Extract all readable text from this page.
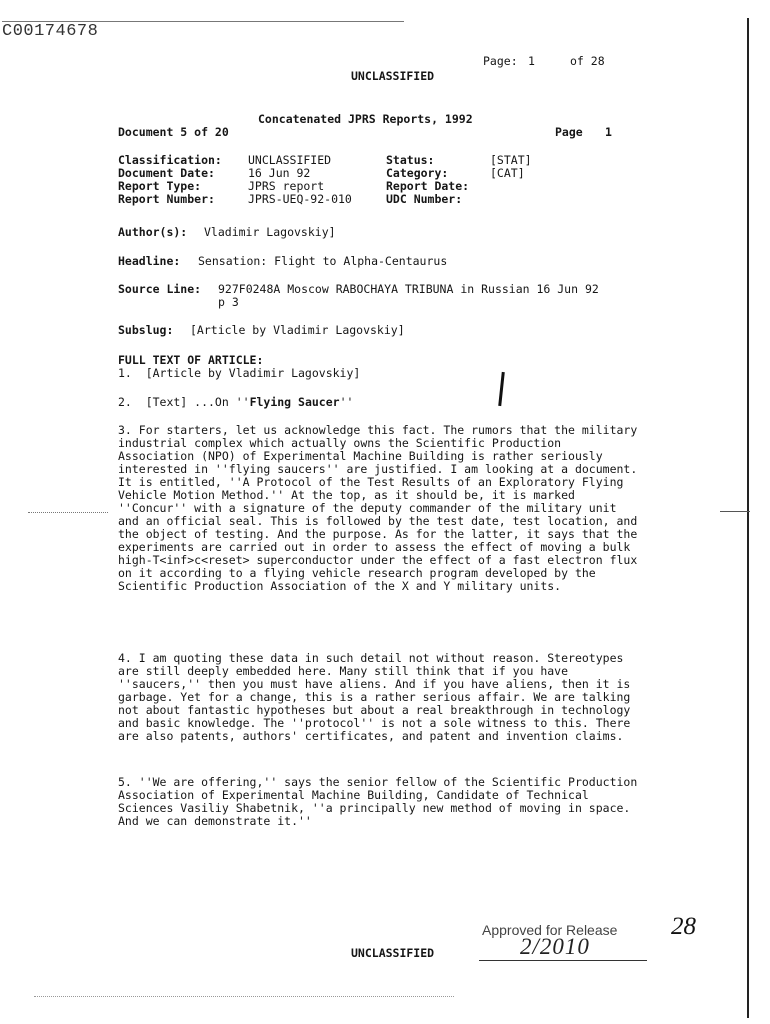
C00174678
Page: 1	of 28
UNCLASSIFIED
Concatenated JPRS Reports, 1992
Document 5 of 20	Page 1
Classification:	UNCLASSIFIED	Status:	[STAT]
Document Date:	16 Jun 92	Category:	[CAT]
Report Type:	JPRS report	Report Date:
Report Number:	JPRS-UEQ-92-010	UDC Number:
Author(s): Vladimir Lagovskiy]
Headline: Sensation: Flight to Alpha-Centaurus
Source Line: 927F0248A Moscow RABOCHAYA TRIBUNA in Russian 16 Jun 92
p 3
Subslug: [Article by Vladimir Lagovskiy]
FULL TEXT OF ARTICLE:
1.  [Article by Vladimir Lagovskiy]
2.  [Text] ...On ''Flying Saucer''
3. For starters, let us acknowledge this fact. The rumors that the military industrial complex which actually owns the Scientific Production Association (NPO) of Experimental Machine Building is rather seriously interested in ''flying saucers'' are justified. I am looking at a document. It is entitled, ''A Protocol of the Test Results of an Exploratory Flying Vehicle Motion Method.'' At the top, as it should be, it is marked ''Concur'' with a signature of the deputy commander of the military unit and an official seal. This is followed by the test date, test location, and the object of testing. And the purpose. As for the latter, it says that the experiments are carried out in order to assess the effect of moving a bulk high-T<inf>c<reset> superconductor under the effect of a fast electron flux on it according to a flying vehicle research program developed by the Scientific Production Association of the X and Y military units.
4. I am quoting these data in such detail not without reason. Stereotypes are still deeply embedded here. Many still think that if you have ''saucers,'' then you must have aliens. And if you have aliens, then it is garbage. Yet for a change, this is a rather serious affair. We are talking not about fantastic hypotheses but about a real breakthrough in technology and basic knowledge. The ''protocol'' is not a sole witness to this. There are also patents, authors' certificates, and patent and invention claims.
5. ''We are offering,'' says the senior fellow of the Scientific Production Association of Experimental Machine Building, Candidate of Technical Sciences Vasiliy Shabetnik, ''a principally new method of moving in space. And we can demonstrate it.''
Approved for Release
2/2010
28
UNCLASSIFIED
